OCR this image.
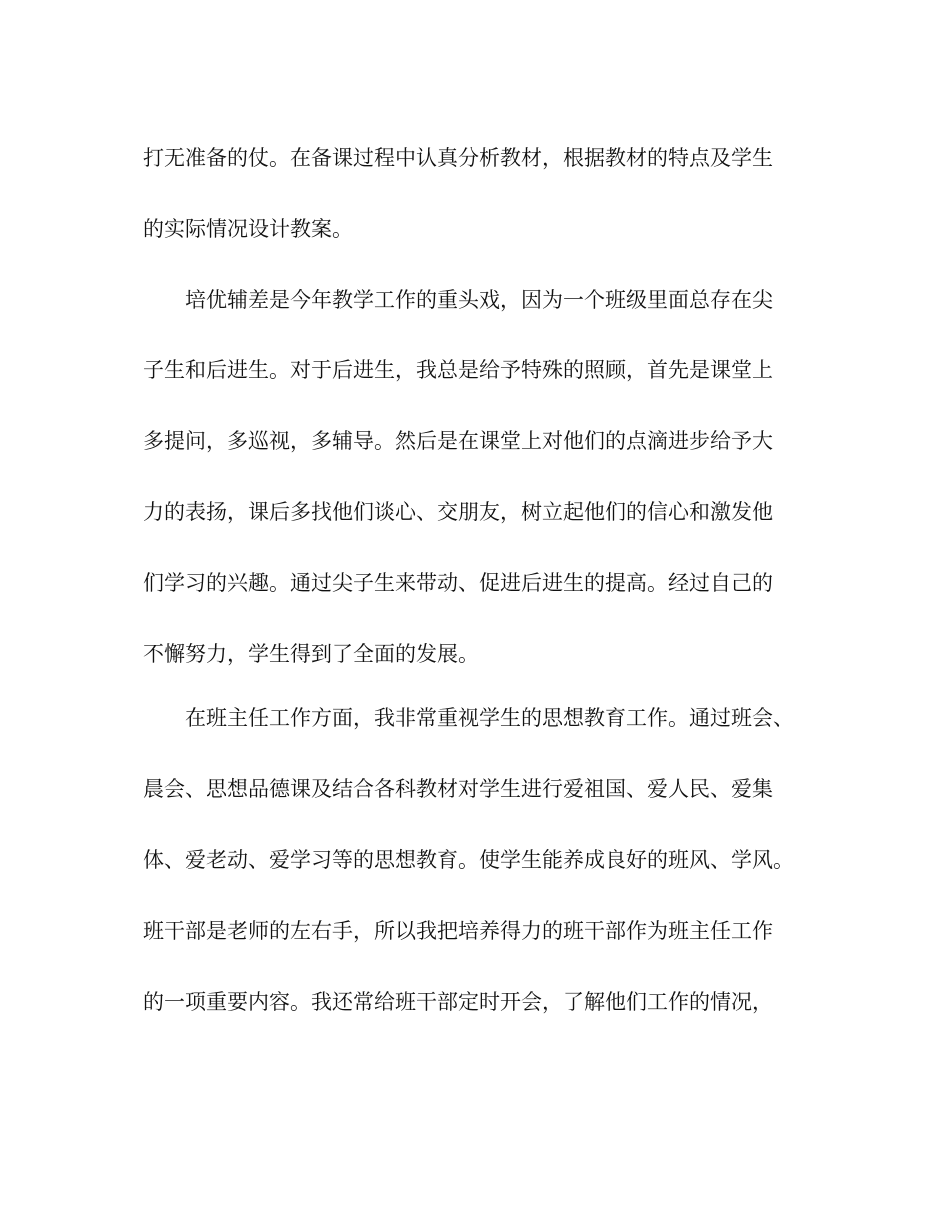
打无准备的仗。在备课过程中认真分析教材，根据教材的特点及学生
的实际情况设计教案。
培优辅差是今年教学工作的重头戏，因为一个班级里面总存在尖
子生和后进生。对于后进生，我总是给予特殊的照顾，首先是课堂上
多提问，多巡视，多辅导。然后是在课堂上对他们的点滴进步给予大
力的表扬，课后多找他们谈心、交朋友，树立起他们的信心和激发他
们学习的兴趣。通过尖子生来带动、促进后进生的提高。经过自己的
不懈努力，学生得到了全面的发展。
在班主任工作方面，我非常重视学生的思想教育工作。通过班会、
晨会、思想品德课及结合各科教材对学生进行爱祖国、爱人民、爱集
体、爱老动、爱学习等的思想教育。使学生能养成良好的班风、学风。
班干部是老师的左右手，所以我把培养得力的班干部作为班主任工作
的一项重要内容。我还常给班干部定时开会，了解他们工作的情况，
